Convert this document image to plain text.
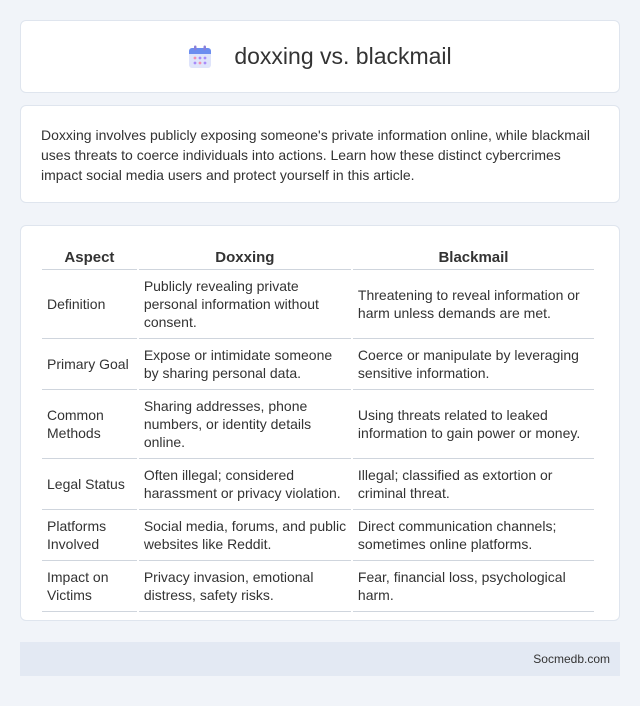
doxxing vs. blackmail

Doxxing involves publicly exposing someone's private information online, while blackmail uses threats to coerce individuals into actions. Learn how these distinct cybercrimes impact social media users and protect yourself in this article.

Aspect	Doxxing	Blackmail
Definition	Publicly revealing private personal information without consent.	Threatening to reveal information or harm unless demands are met.
Primary Goal	Expose or intimidate someone by sharing personal data.	Coerce or manipulate by leveraging sensitive information.
Common Methods	Sharing addresses, phone numbers, or identity details online.	Using threats related to leaked information to gain power or money.
Legal Status	Often illegal; considered harassment or privacy violation.	Illegal; classified as extortion or criminal threat.
Platforms Involved	Social media, forums, and public websites like Reddit.	Direct communication channels; sometimes online platforms.
Impact on Victims	Privacy invasion, emotional distress, safety risks.	Fear, financial loss, psychological harm.
Socmedb.com
